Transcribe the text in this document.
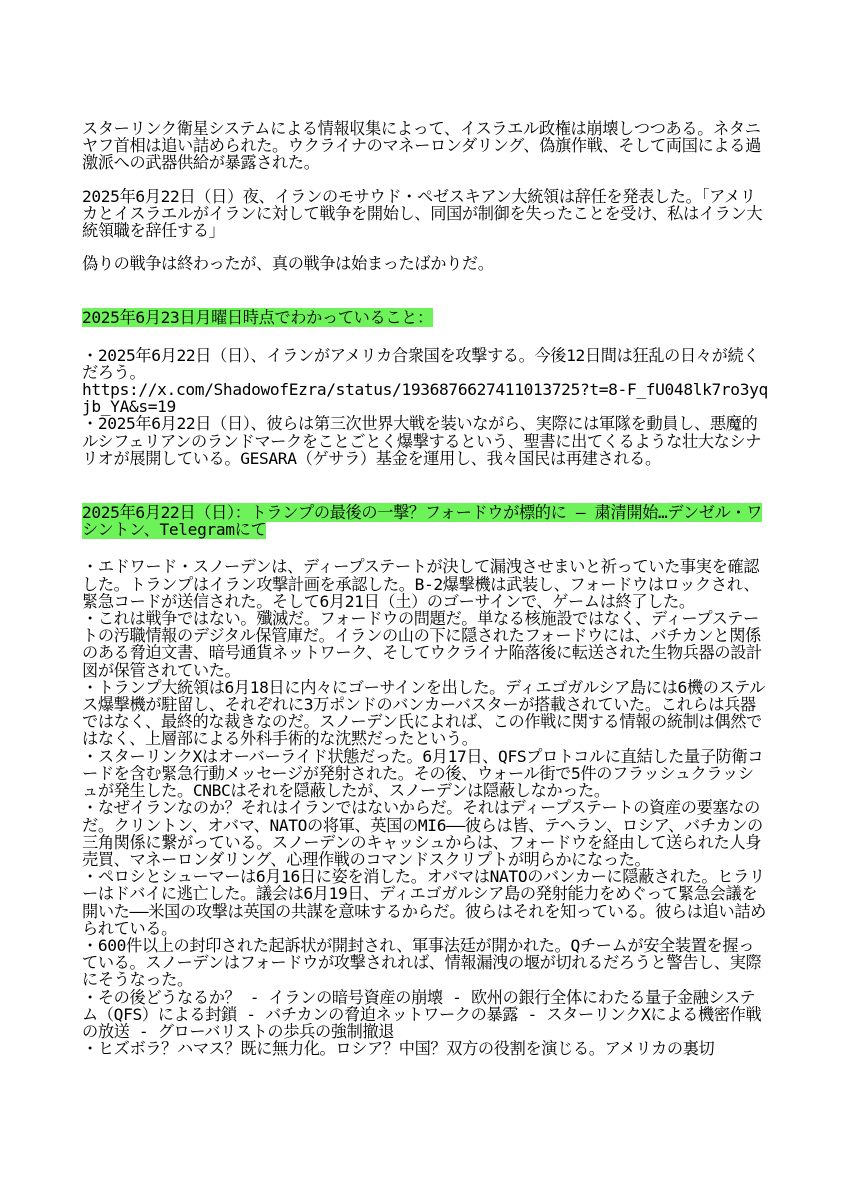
スターリンク衛星システムによる情報収集によって、イスラエル政権は崩壊しつつある。ネタニヤフ首相は追い詰められた。ウクライナのマネーロンダリング、偽旗作戦、そして両国による過激派への武器供給が暴露された。

2025年6月22日（日）夜、イランのモサウド・ペゼスキアン大統領は辞任を発表した。「アメリカとイスラエルがイランに対して戦争を開始し、同国が制御を失ったことを受け、私はイラン大統領職を辞任する」

偽りの戦争は終わったが、真の戦争は始まったばかりだ。

2025年6月23日月曜日時点でわかっていること：

・2025年6月22日（日）、イランがアメリカ合衆国を攻撃する。今後12日間は狂乱の日々が続くだろう。

https://x.com/ShadowofEzra/status/1936876627411013725?t=8-F_fU048lk7ro3yqjb_YA&s=19

・2025年6月22日（日）、彼らは第三次世界大戦を装いながら、実際には軍隊を動員し、悪魔的ルシフェリアンのランドマークをことごとく爆撃するという、聖書に出てくるような壮大なシナリオが展開している。GESARA（ゲサラ）基金を運用し、我々国民は再建される。

2025年6月22日（日）：トランプの最後の一撃？フォードウが標的に ― 粛清開始…デンゼル・ワシントン、Telegramにて

・エドワード・スノーデンは、ディープステートが決して漏洩させまいと祈っていた事実を確認した。トランプはイラン攻撃計画を承認した。B-2爆撃機は武装し、フォードウはロックされ、緊急コードが送信された。そして6月21日（土）のゴーサインで、ゲームは終了した。

・これは戦争ではない。殲滅だ。フォードウの問題だ。単なる核施設ではなく、ディープステートの汚職情報のデジタル保管庫だ。イランの山の下に隠されたフォードウには、バチカンと関係のある脅迫文書、暗号通貨ネットワーク、そしてウクライナ陥落後に転送された生物兵器の設計図が保管されていた。

・トランプ大統領は6月18日に内々にゴーサインを出した。ディエゴガルシア島には6機のステルス爆撃機が駐留し、それぞれに3万ポンドのバンカーバスターが搭載されていた。これらは兵器ではなく、最終的な裁きなのだ。スノーデン氏によれば、この作戦に関する情報の統制は偶然ではなく、上層部による外科手術的な沈黙だったという。

・スターリンクXはオーバーライド状態だった。6月17日、QFSプロトコルに直結した量子防衛コードを含む緊急行動メッセージが発射された。その後、ウォール街で5件のフラッシュクラッシュが発生した。CNBCはそれを隠蔽したが、スノーデンは隠蔽しなかった。

・なぜイランなのか？それはイランではないからだ。それはディープステートの資産の要塞なのだ。クリントン、オバマ、NATOの将軍、英国のMI6――彼らは皆、テヘラン、ロシア、バチカンの三角関係に繋がっている。スノーデンのキャッシュからは、フォードウを経由して送られた人身売買、マネーロンダリング、心理作戦のコマンドスクリプトが明らかになった。

・ペロシとシューマーは6月16日に姿を消した。オバマはNATOのバンカーに隠蔽された。ヒラリーはドバイに逃亡した。議会は6月19日、ディエゴガルシア島の発射能力をめぐって緊急会議を開いた――米国の攻撃は英国の共謀を意味するからだ。彼らはそれを知っている。彼らは追い詰められている。

・600件以上の封印された起訴状が開封され、軍事法廷が開かれた。Qチームが安全装置を握っている。スノーデンはフォードウが攻撃されれば、情報漏洩の堰が切れるだろうと警告し、実際にそうなった。

・その後どうなるか？ - イランの暗号資産の崩壊 - 欧州の銀行全体にわたる量子金融システム（QFS）による封鎖 - バチカンの脅迫ネットワークの暴露 - スターリンクXによる機密作戦の放送 - グローバリストの歩兵の強制撤退

・ヒズボラ？ハマス？既に無力化。ロシア？中国？双方の役割を演じる。アメリカの裏切
